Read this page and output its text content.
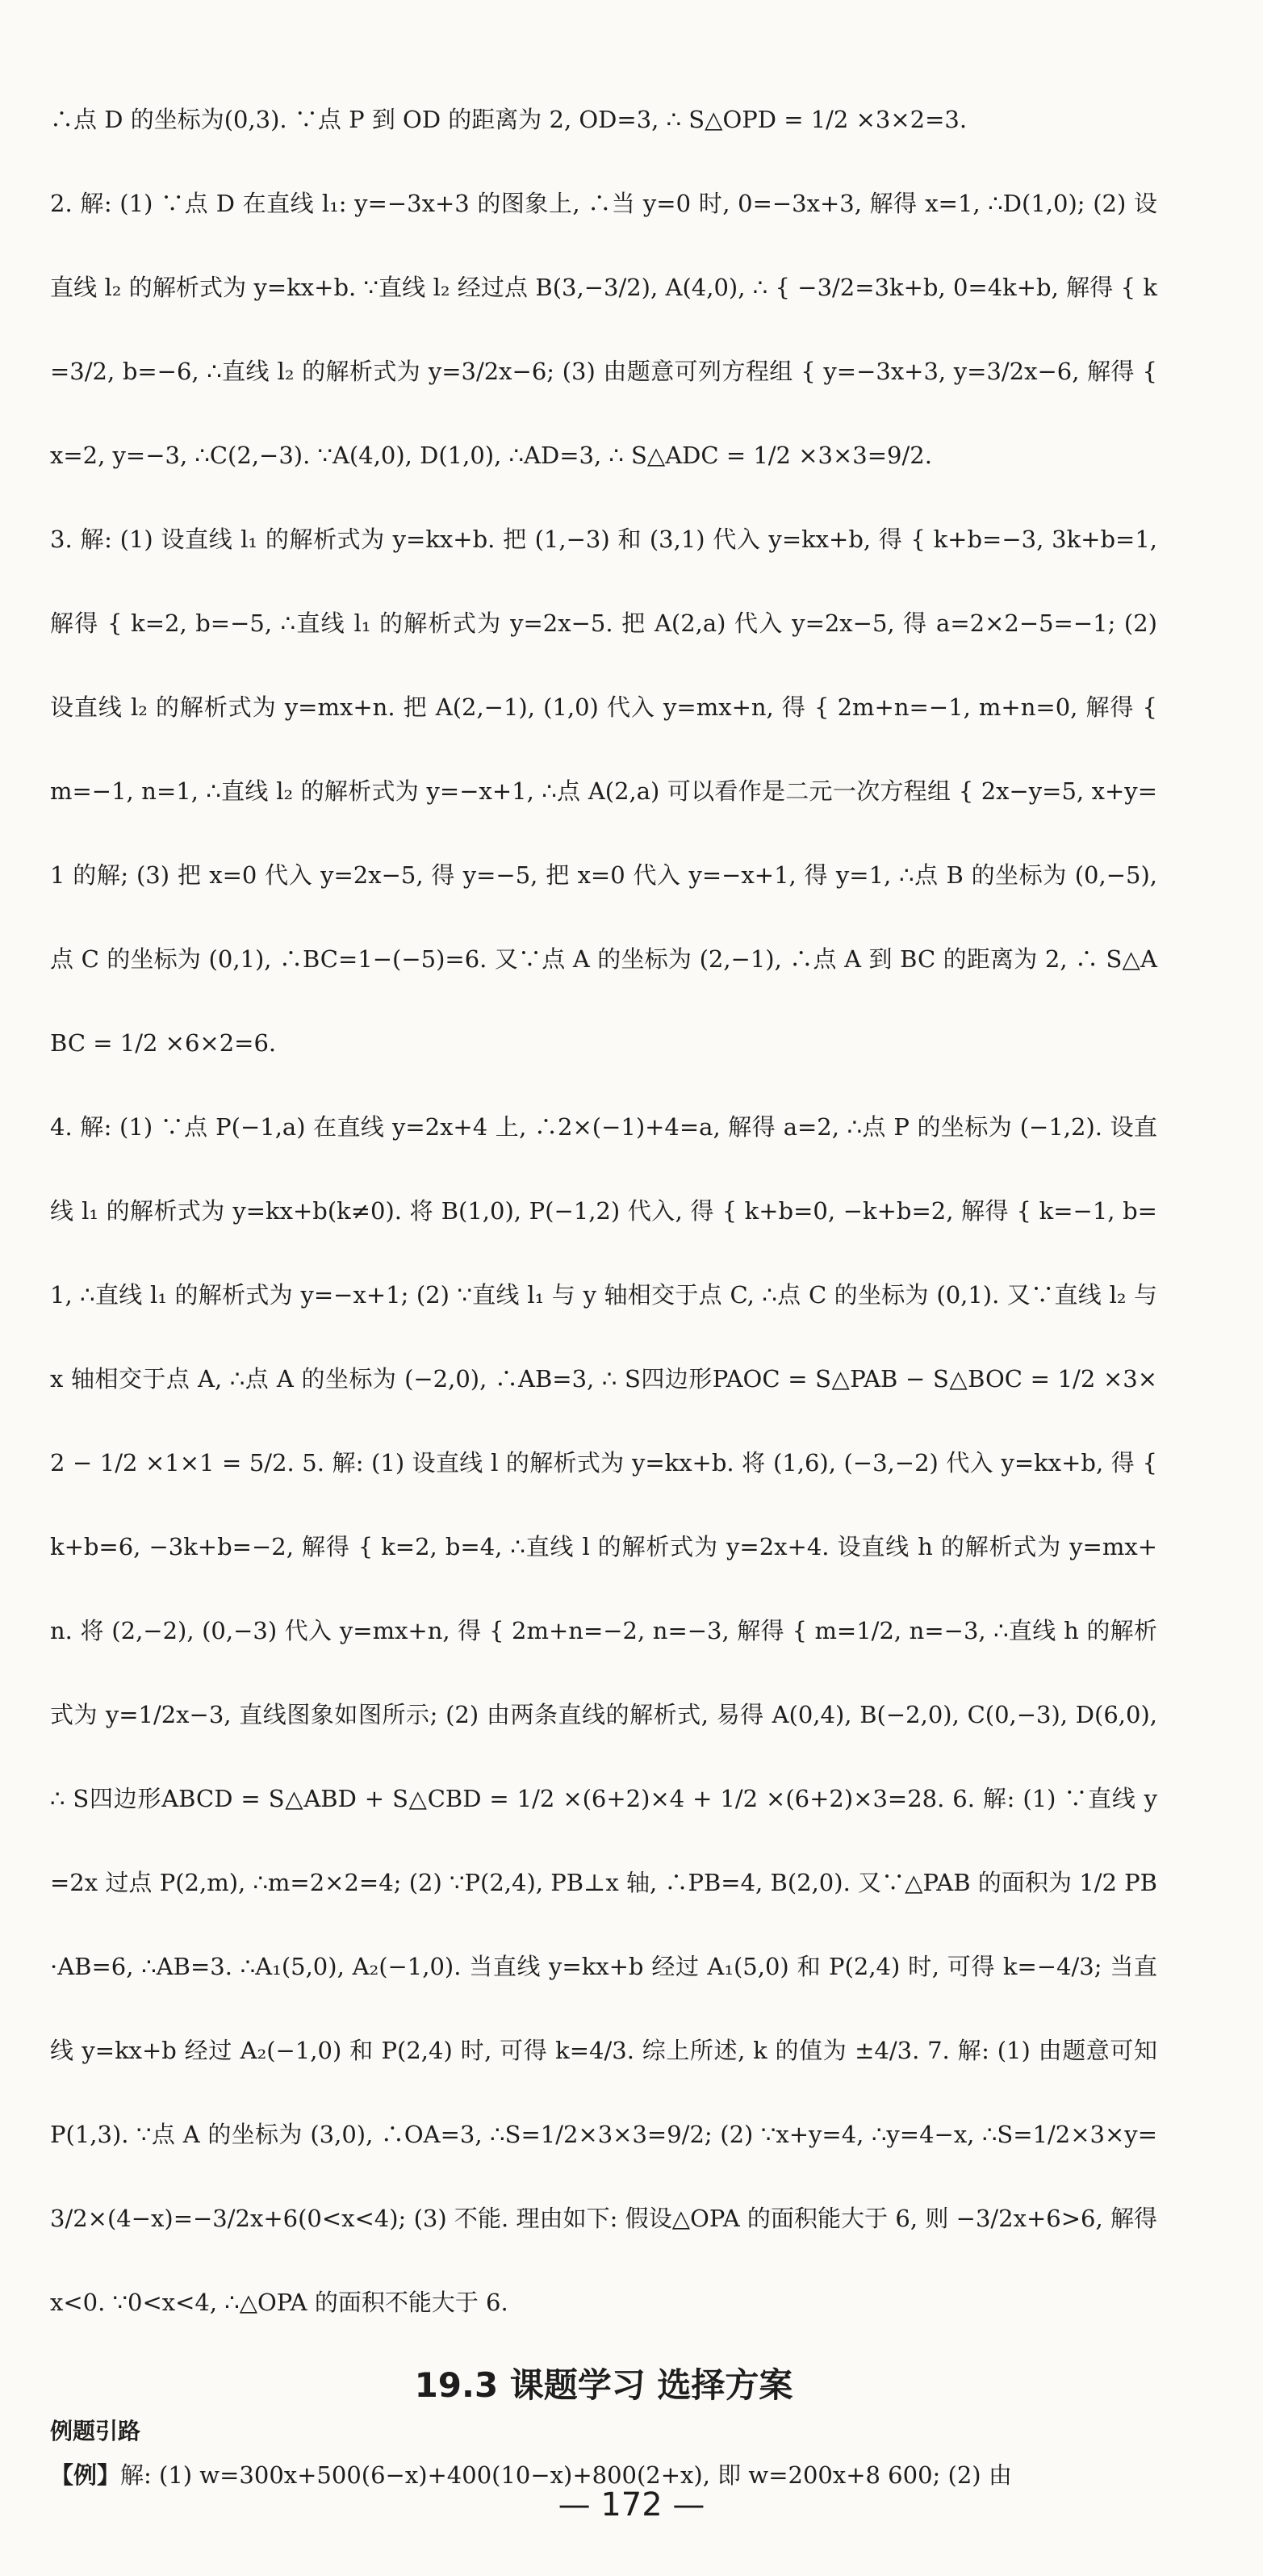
∴点 D 的坐标为(0,3). ∵点 P 到 OD 的距离为 2, OD=3, ∴ S△OPD = 1/2 ×3×2=3.

2. 解: (1) ∵点 D 在直线 l₁: y=−3x+3 的图象上, ∴当 y=0 时, 0=−3x+3, 解得 x=1, ∴D(1,0); (2) 设直线 l₂ 的解析式为 y=kx+b. ∵直线 l₂ 经过点 B(3,−3/2), A(4,0), ∴ { −3/2=3k+b, 0=4k+b, 解得 { k=3/2, b=−6, ∴直线 l₂ 的解析式为 y=3/2x−6; (3) 由题意可列方程组 { y=−3x+3, y=3/2x−6, 解得 { x=2, y=−3, ∴C(2,−3). ∵A(4,0), D(1,0), ∴AD=3, ∴ S△ADC = 1/2 ×3×3=9/2.

3. 解: (1) 设直线 l₁ 的解析式为 y=kx+b. 把 (1,−3) 和 (3,1) 代入 y=kx+b, 得 { k+b=−3, 3k+b=1, 解得 { k=2, b=−5, ∴直线 l₁ 的解析式为 y=2x−5. 把 A(2,a) 代入 y=2x−5, 得 a=2×2−5=−1; (2) 设直线 l₂ 的解析式为 y=mx+n. 把 A(2,−1), (1,0) 代入 y=mx+n, 得 { 2m+n=−1, m+n=0, 解得 { m=−1, n=1, ∴直线 l₂ 的解析式为 y=−x+1, ∴点 A(2,a) 可以看作是二元一次方程组 { 2x−y=5, x+y=1 的解; (3) 把 x=0 代入 y=2x−5, 得 y=−5, 把 x=0 代入 y=−x+1, 得 y=1, ∴点 B 的坐标为 (0,−5), 点 C 的坐标为 (0,1), ∴BC=1−(−5)=6. 又∵点 A 的坐标为 (2,−1), ∴点 A 到 BC 的距离为 2, ∴ S△ABC = 1/2 ×6×2=6.

4. 解: (1) ∵点 P(−1,a) 在直线 y=2x+4 上, ∴2×(−1)+4=a, 解得 a=2, ∴点 P 的坐标为 (−1,2). 设直线 l₁ 的解析式为 y=kx+b(k≠0). 将 B(1,0), P(−1,2) 代入, 得 { k+b=0, −k+b=2, 解得 { k=−1, b=1, ∴直线 l₁ 的解析式为 y=−x+1; (2) ∵直线 l₁ 与 y 轴相交于点 C, ∴点 C 的坐标为 (0,1). 又∵直线 l₂ 与 x 轴相交于点 A, ∴点 A 的坐标为 (−2,0), ∴AB=3, ∴ S四边形PAOC = S△PAB − S△BOC = 1/2 ×3×2 − 1/2 ×1×1 = 5/2. 5. 解: (1) 设直线 l 的解析式为 y=kx+b. 将 (1,6), (−3,−2) 代入 y=kx+b, 得 { k+b=6, −3k+b=−2, 解得 { k=2, b=4, ∴直线 l 的解析式为 y=2x+4. 设直线 h 的解析式为 y=mx+n. 将 (2,−2), (0,−3) 代入 y=mx+n, 得 { 2m+n=−2, n=−3, 解得 { m=1/2, n=−3, ∴直线 h 的解析式为 y=1/2x−3, 直线图象如图所示; (2) 由两条直线的解析式, 易得 A(0,4), B(−2,0), C(0,−3), D(6,0), ∴ S四边形ABCD = S△ABD + S△CBD = 1/2 ×(6+2)×4 + 1/2 ×(6+2)×3=28. 6. 解: (1) ∵直线 y=2x 过点 P(2,m), ∴m=2×2=4; (2) ∵P(2,4), PB⊥x 轴, ∴PB=4, B(2,0). 又∵△PAB 的面积为 1/2 PB·AB=6, ∴AB=3. ∴A₁(5,0), A₂(−1,0). 当直线 y=kx+b 经过 A₁(5,0) 和 P(2,4) 时, 可得 k=−4/3; 当直线 y=kx+b 经过 A₂(−1,0) 和 P(2,4) 时, 可得 k=4/3. 综上所述, k 的值为 ±4/3. 7. 解: (1) 由题意可知 P(1,3). ∵点 A 的坐标为 (3,0), ∴OA=3, ∴S=1/2×3×3=9/2; (2) ∵x+y=4, ∴y=4−x, ∴S=1/2×3×y=3/2×(4−x)=−3/2x+6(0<x<4); (3) 不能. 理由如下: 假设△OPA 的面积能大于 6, 则 −3/2x+6>6, 解得 x<0. ∵0<x<4, ∴△OPA 的面积不能大于 6.

19.3 课题学习 选择方案
例题引路

【例】解: (1) w=300x+500(6−x)+400(10−x)+800(2+x), 即 w=200x+8 600; (2) 由

— 172 —
